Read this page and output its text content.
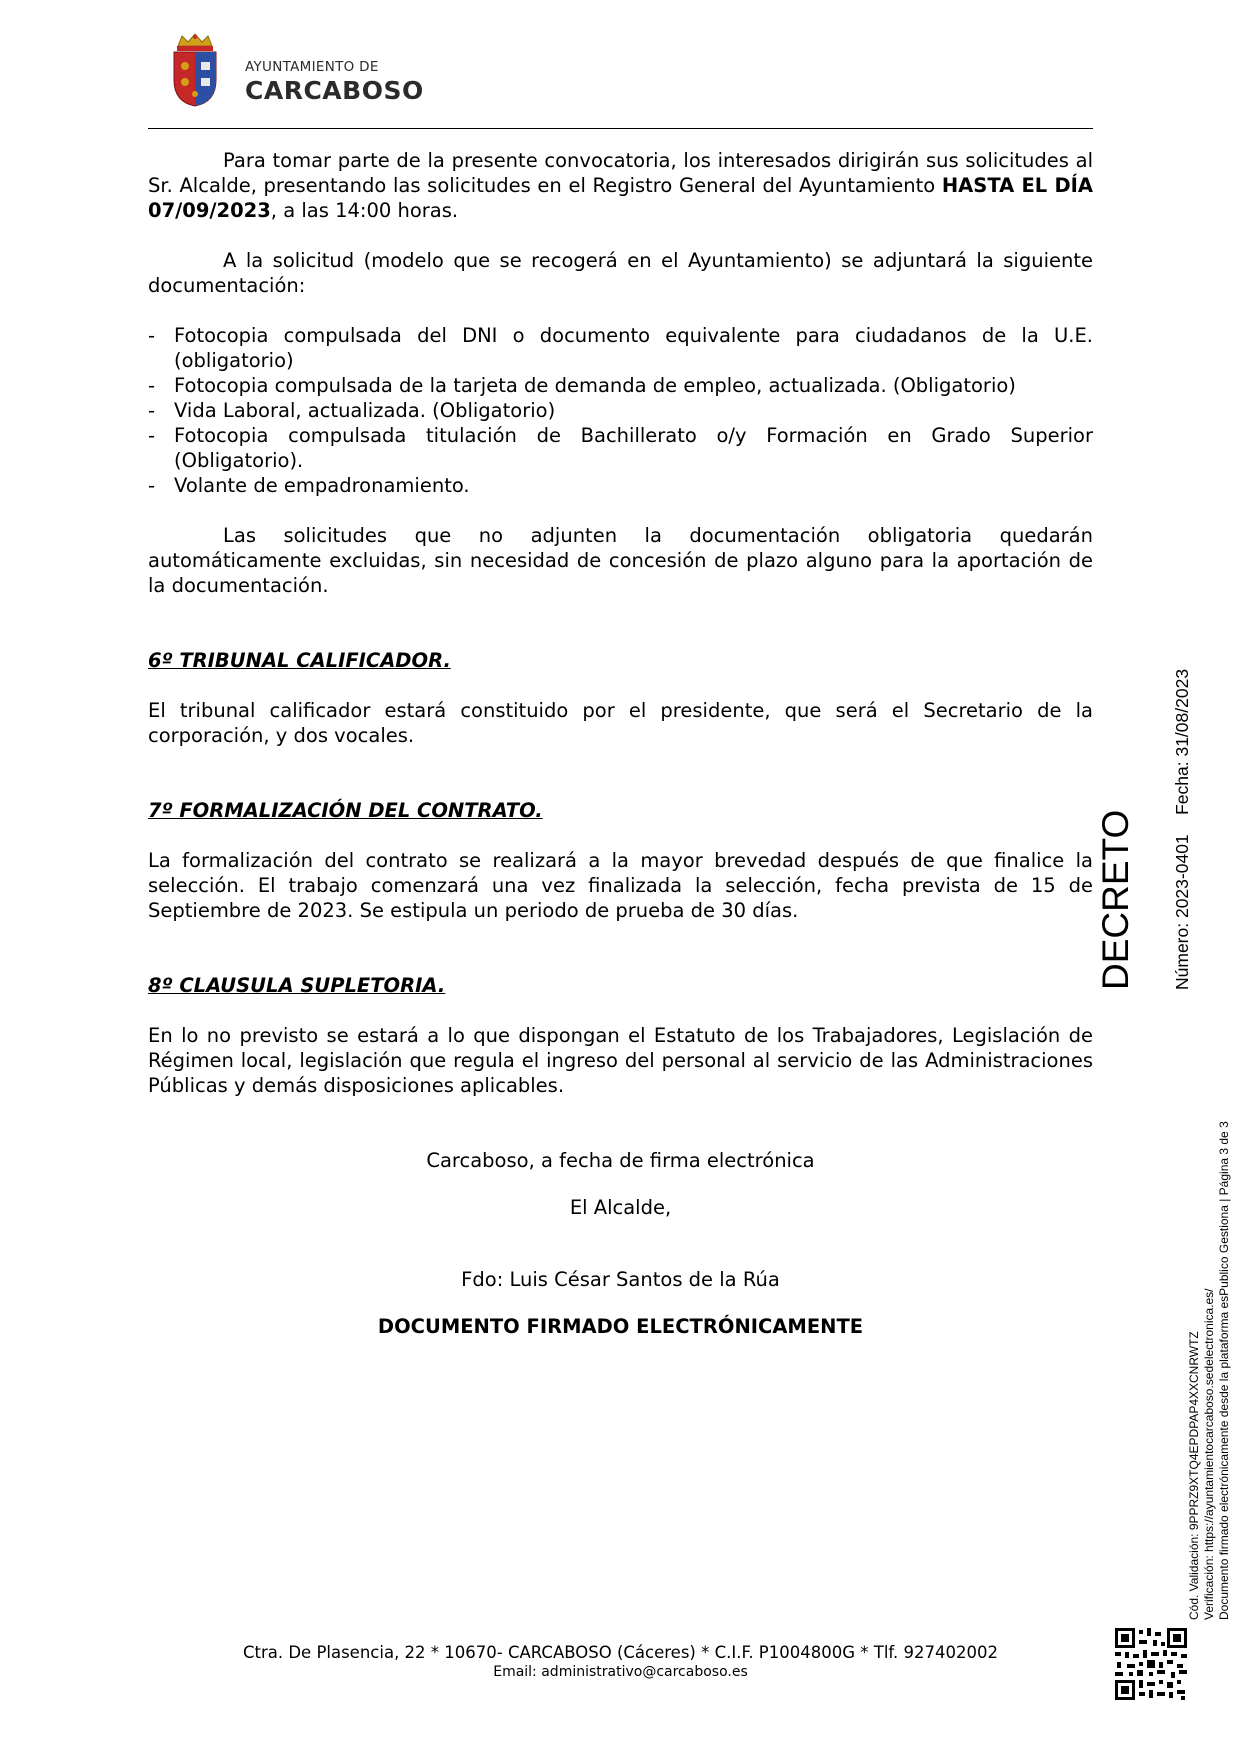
AYUNTAMIENTO DE
CARCABOSO

Para tomar parte de la presente convocatoria, los interesados dirigirán sus solicitudes al Sr. Alcalde, presentando las solicitudes en el Registro General del Ayuntamiento HASTA EL DÍA 07/09/2023, a las 14:00 horas.

A la solicitud (modelo que se recogerá en el Ayuntamiento) se adjuntará la siguiente documentación:

- Fotocopia compulsada del DNI o documento equivalente para ciudadanos de la U.E. (obligatorio)
- Fotocopia compulsada de la tarjeta de demanda de empleo, actualizada. (Obligatorio)
- Vida Laboral, actualizada. (Obligatorio)
- Fotocopia compulsada titulación de Bachillerato o/y Formación en Grado Superior (Obligatorio).
- Volante de empadronamiento.

Las solicitudes que no adjunten la documentación obligatoria quedarán automáticamente excluidas, sin necesidad de concesión de plazo alguno para la aportación de la documentación.

6º TRIBUNAL CALIFICADOR.

El tribunal calificador estará constituido por el presidente, que será el Secretario de la corporación, y dos vocales.

7º FORMALIZACIÓN DEL CONTRATO.

La formalización del contrato se realizará a la mayor brevedad después de que finalice la selección. El trabajo comenzará una vez finalizada la selección, fecha prevista de 15 de Septiembre de 2023. Se estipula un periodo de prueba de 30 días.

8º CLAUSULA SUPLETORIA.

En lo no previsto se estará a lo que dispongan el Estatuto de los Trabajadores, Legislación de Régimen local, legislación que regula el ingreso del personal al servicio de las Administraciones Públicas y demás disposiciones aplicables.

Carcaboso, a fecha de firma electrónica

El Alcalde,

Fdo: Luis César Santos de la Rúa

DOCUMENTO FIRMADO ELECTRÓNICAMENTE

DECRETO Número: 2023-0401    Fecha: 31/08/2023
Cód. Validación: 9PPRZ9XTQ4EPDPAP4XXCNRWTZ Verificación: https://ayuntamientocarcaboso.sedelectronica.es/ Documento firmado electrónicamente desde la plataforma esPublico Gestiona | Página 3 de 3
Ctra. De Plasencia, 22 * 10670- CARCABOSO (Cáceres) * C.I.F. P1004800G * Tlf. 927402002
Email: administrativo@carcaboso.es
